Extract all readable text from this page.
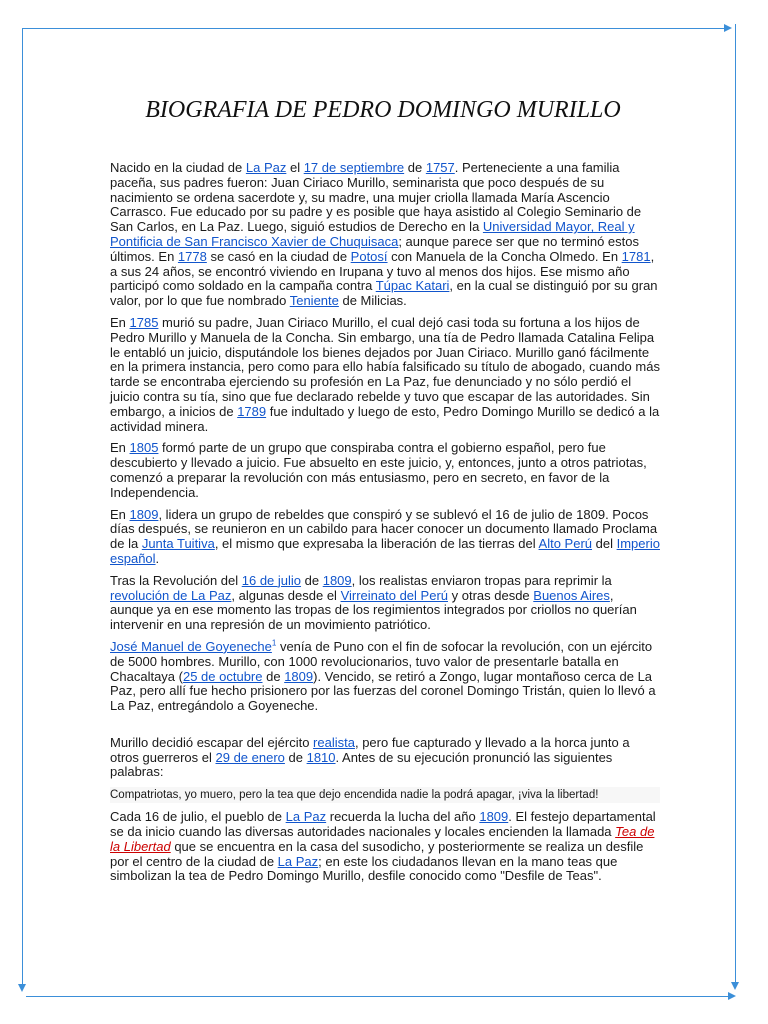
BIOGRAFIA DE PEDRO DOMINGO MURILLO

Nacido en la ciudad de La Paz el 17 de septiembre de 1757. Perteneciente a una familia paceña, sus padres fueron: Juan Ciriaco Murillo, seminarista que poco después de su nacimiento se ordena sacerdote y, su madre, una mujer criolla llamada María Ascencio Carrasco. Fue educado por su padre y es posible que haya asistido al Colegio Seminario de San Carlos, en La Paz. Luego, siguió estudios de Derecho en la Universidad Mayor, Real y Pontificia de San Francisco Xavier de Chuquisaca; aunque parece ser que no terminó estos últimos. En 1778 se casó en la ciudad de Potosí con Manuela de la Concha Olmedo. En 1781, a sus 24 años, se encontró viviendo en Irupana y tuvo al menos dos hijos. Ese mismo año participó como soldado en la campaña contra Túpac Katari, en la cual se distinguió por su gran valor, por lo que fue nombrado Teniente de Milicias.

En 1785 murió su padre, Juan Ciriaco Murillo, el cual dejó casi toda su fortuna a los hijos de Pedro Murillo y Manuela de la Concha. Sin embargo, una tía de Pedro llamada Catalina Felipa le entabló un juicio, disputándole los bienes dejados por Juan Ciriaco. Murillo ganó fácilmente en la primera instancia, pero como para ello había falsificado su título de abogado, cuando más tarde se encontraba ejerciendo su profesión en La Paz, fue denunciado y no sólo perdió el juicio contra su tía, sino que fue declarado rebelde y tuvo que escapar de las autoridades. Sin embargo, a inicios de 1789 fue indultado y luego de esto, Pedro Domingo Murillo se dedicó a la actividad minera.

En 1805 formó parte de un grupo que conspiraba contra el gobierno español, pero fue descubierto y llevado a juicio. Fue absuelto en este juicio, y, entonces, junto a otros patriotas, comenzó a preparar la revolución con más entusiasmo, pero en secreto, en favor de la Independencia.

En 1809, lidera un grupo de rebeldes que conspiró y se sublevó el 16 de julio de 1809. Pocos días después, se reunieron en un cabildo para hacer conocer un documento llamado Proclama de la Junta Tuitiva, el mismo que expresaba la liberación de las tierras del Alto Perú del Imperio español.

Tras la Revolución del 16 de julio de 1809, los realistas enviaron tropas para reprimir la revolución de La Paz, algunas desde el Virreinato del Perú y otras desde Buenos Aires, aunque ya en ese momento las tropas de los regimientos integrados por criollos no querían intervenir en una represión de un movimiento patriótico.

José Manuel de Goyeneche$^1$ venía de Puno con el fin de sofocar la revolución, con un ejército de 5000 hombres. Murillo, con 1000 revolucionarios, tuvo valor de presentarle batalla en Chacaltaya (25 de octubre de 1809). Vencido, se retiró a Zongo, lugar montañoso cerca de La Paz, pero allí fue hecho prisionero por las fuerzas del coronel Domingo Tristán, quien lo llevó a La Paz, entregándolo a Goyeneche.

Murillo decidió escapar del ejército realista, pero fue capturado y llevado a la horca junto a otros guerreros el 29 de enero de 1810. Antes de su ejecución pronunció las siguientes palabras:

Compatriotas, yo muero, pero la tea que dejo encendida nadie la podrá apagar, ¡viva la libertad!

Cada 16 de julio, el pueblo de La Paz recuerda la lucha del año 1809. El festejo departamental se da inicio cuando las diversas autoridades nacionales y locales encienden la llamada Tea de la Libertad que se encuentra en la casa del susodicho, y posteriormente se realiza un desfile por el centro de la ciudad de La Paz; en este los ciudadanos llevan en la mano teas que simbolizan la tea de Pedro Domingo Murillo, desfile conocido como "Desfile de Teas".
